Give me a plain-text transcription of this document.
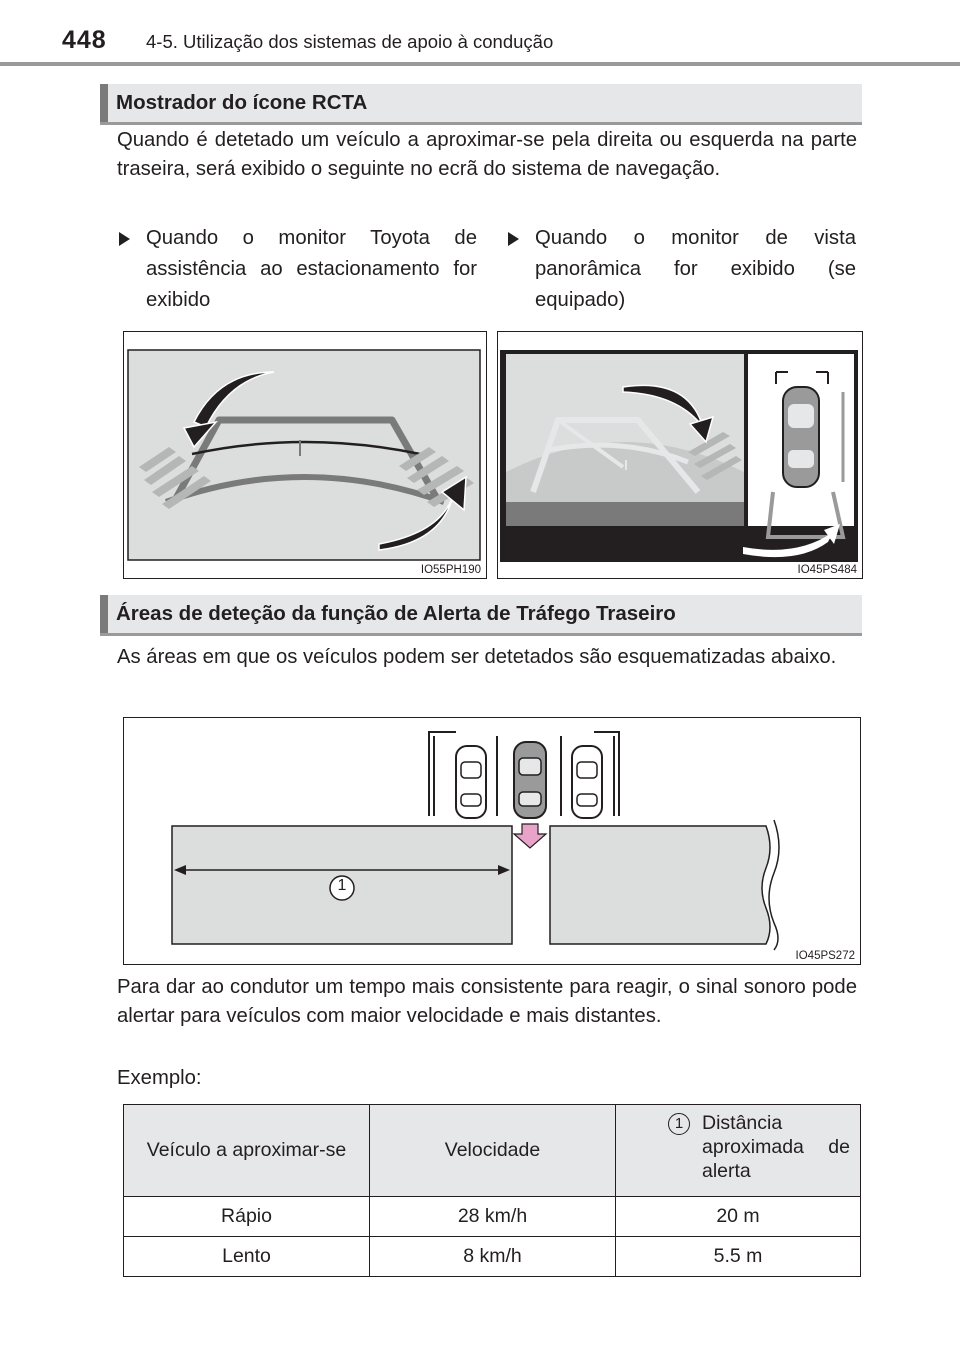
448 4-5. Utilização dos sistemas de apoio à condução
Mostrador do ícone RCTA
Quando é detetado um veículo a aproximar-se pela direita ou esquerda na parte traseira, será exibido o seguinte no ecrã do sistema de navegação.
Quando o monitor Toyota de assistência ao estacionamento for exibido
Quando o monitor de vista panorâmica for exibido (se equipado)
IO55PH190	IO45PS484
Áreas de deteção da função de Alerta de Tráfego Traseiro
As áreas em que os veículos podem ser detetados são esquematizadas abaixo.
1
IO45PS272
Para dar ao condutor um tempo mais consistente para reagir, o sinal sonoro pode alertar para veículos com maior velocidade e mais distantes.
Exemplo:
Veículo a aproximar-se	Velocidade	1 Distância aproximada de alerta

Rápio	28 km/h	20 m
Lento	8 km/h	5.5 m
